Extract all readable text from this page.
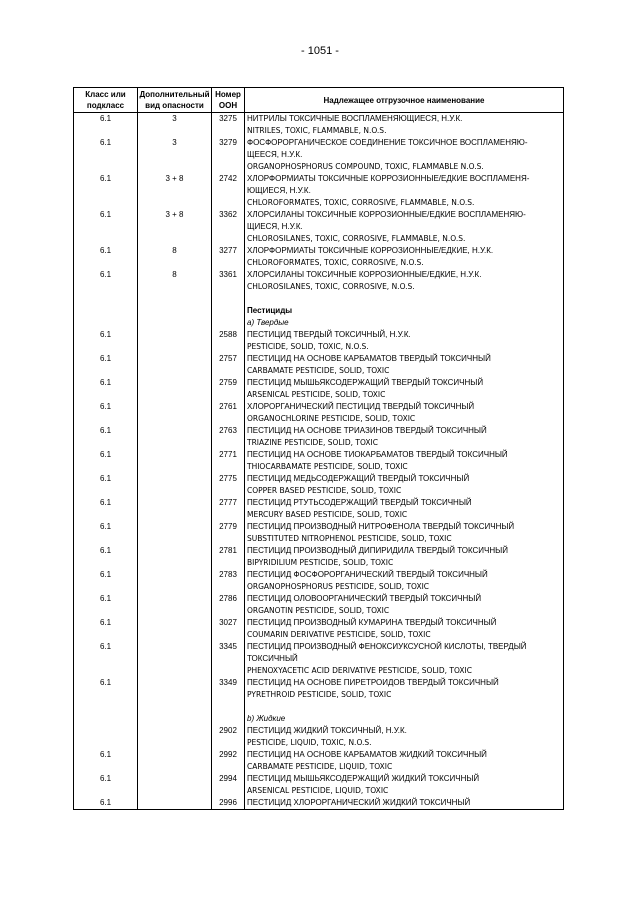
- 1051 -
Класс или подкласс	Дополнительный вид опасности	Номер ООН	Надлежащее отгрузочное наименование
6.1	3	3275	НИТРИЛЫ ТОКСИЧНЫЕ ВОСПЛАМЕНЯЮЩИЕСЯ, Н.У.К.
NITRILES, TOXIC, FLAMMABLE, N.O.S.

6.1	3	3279	ФОСФОРОРГАНИЧЕСКОЕ СОЕДИНЕНИЕ ТОКСИЧНОЕ ВОСПЛАМЕНЯЮ-
ЩЕЕСЯ, Н.У.К.
ORGANOPHOSPHORUS COMPOUND, TOXIC, FLAMMABLE N.O.S.

6.1	3 + 8	2742	ХЛОРФОРМИАТЫ ТОКСИЧНЫЕ КОРРОЗИОННЫЕ/ЕДКИЕ ВОСПЛАМЕНЯ-
ЮЩИЕСЯ, Н.У.К.
CHLOROFORMATES, TOXIC, CORROSIVE, FLAMMABLE, N.O.S.

6.1	3 + 8	3362	ХЛОРСИЛАНЫ ТОКСИЧНЫЕ КОРРОЗИОННЫЕ/ЕДКИЕ ВОСПЛАМЕНЯЮ-
ЩИЕСЯ, Н.У.К.
CHLOROSILANES, TOXIC, CORROSIVE, FLAMMABLE, N.O.S.

6.1	8	3277	ХЛОРФОРМИАТЫ ТОКСИЧНЫЕ КОРРОЗИОННЫЕ/ЕДКИЕ, Н.У.К.
CHLOROFORMATES, TOXIC, CORROSIVE, N.O.S.

6.1	8	3361	ХЛОРСИЛАНЫ ТОКСИЧНЫЕ КОРРОЗИОННЫЕ/ЕДКИЕ, Н.У.К.
CHLOROSILANES, TOXIC, CORROSIVE, N.O.S.

			Пестициды
a) Твердые

6.1		2588	ПЕСТИЦИД ТВЕРДЫЙ ТОКСИЧНЫЙ, Н.У.К.
PESTICIDE, SOLID, TOXIC, N.O.S.

6.1		2757	ПЕСТИЦИД НА ОСНОВЕ КАРБАМАТОВ ТВЕРДЫЙ ТОКСИЧНЫЙ
CARBAMATE PESTICIDE, SOLID, TOXIC

6.1		2759	ПЕСТИЦИД МЫШЬЯКСОДЕРЖАЩИЙ ТВЕРДЫЙ ТОКСИЧНЫЙ
ARSENICAL PESTICIDE, SOLID, TOXIC

6.1		2761	ХЛОРОРГАНИЧЕСКИЙ ПЕСТИЦИД ТВЕРДЫЙ ТОКСИЧНЫЙ
ORGANOCHLORINE PESTICIDE, SOLID, TOXIC

6.1		2763	ПЕСТИЦИД НА ОСНОВЕ ТРИАЗИНОВ ТВЕРДЫЙ ТОКСИЧНЫЙ
TRIAZINE PESTICIDE, SOLID, TOXIC

6.1		2771	ПЕСТИЦИД НА ОСНОВЕ ТИОКАРБАМАТОВ ТВЕРДЫЙ ТОКСИЧНЫЙ
THIOCARBAMATE PESTICIDE, SOLID, TOXIC

6.1		2775	ПЕСТИЦИД МЕДЬСОДЕРЖАЩИЙ ТВЕРДЫЙ ТОКСИЧНЫЙ
COPPER BASED PESTICIDE, SOLID, TOXIC

6.1		2777	ПЕСТИЦИД РТУТЬСОДЕРЖАЩИЙ ТВЕРДЫЙ ТОКСИЧНЫЙ
MERCURY BASED PESTICIDE, SOLID, TOXIC

6.1		2779	ПЕСТИЦИД ПРОИЗВОДНЫЙ НИТРОФЕНОЛА ТВЕРДЫЙ ТОКСИЧНЫЙ
SUBSTITUTED NITROPHENOL PESTICIDE, SOLID, TOXIC

6.1		2781	ПЕСТИЦИД ПРОИЗВОДНЫЙ ДИПИРИДИЛА ТВЕРДЫЙ ТОКСИЧНЫЙ
BIPYRIDILIUM PESTICIDE, SOLID, TOXIC

6.1		2783	ПЕСТИЦИД ФОСФОРОРГАНИЧЕСКИЙ ТВЕРДЫЙ ТОКСИЧНЫЙ
ORGANOPHOSPHORUS PESTICIDE, SOLID, TOXIC

6.1		2786	ПЕСТИЦИД ОЛОВООРГАНИЧЕСКИЙ ТВЕРДЫЙ ТОКСИЧНЫЙ
ORGANOTIN PESTICIDE, SOLID, TOXIC

6.1		3027	ПЕСТИЦИД ПРОИЗВОДНЫЙ КУМАРИНА ТВЕРДЫЙ ТОКСИЧНЫЙ
COUMARIN DERIVATIVE PESTICIDE, SOLID, TOXIC

6.1		3345	ПЕСТИЦИД ПРОИЗВОДНЫЙ ФЕНОКСИУКСУСНОЙ КИСЛОТЫ, ТВЕРДЫЙ
ТОКСИЧНЫЙ
PHENOXYACETIC ACID DERIVATIVE PESTICIDE, SOLID, TOXIC

6.1		3349	ПЕСТИЦИД НА ОСНОВЕ ПИРЕТРОИДОВ ТВЕРДЫЙ ТОКСИЧНЫЙ
PYRETHROID PESTICIDE, SOLID, TOXIC

			b) Жидкие

		2902	ПЕСТИЦИД ЖИДКИЙ ТОКСИЧНЫЙ, Н.У.К.
PESTICIDE, LIQUID, TOXIC, N.O.S.

6.1		2992	ПЕСТИЦИД НА ОСНОВЕ КАРБАМАТОВ ЖИДКИЙ ТОКСИЧНЫЙ
CARBAMATE PESTICIDE, LIQUID, TOXIC

6.1		2994	ПЕСТИЦИД МЫШЬЯКСОДЕРЖАЩИЙ ЖИДКИЙ ТОКСИЧНЫЙ
ARSENICAL PESTICIDE, LIQUID, TOXIC

6.1		2996	ПЕСТИЦИД ХЛОРОРГАНИЧЕСКИЙ ЖИДКИЙ ТОКСИЧНЫЙ
